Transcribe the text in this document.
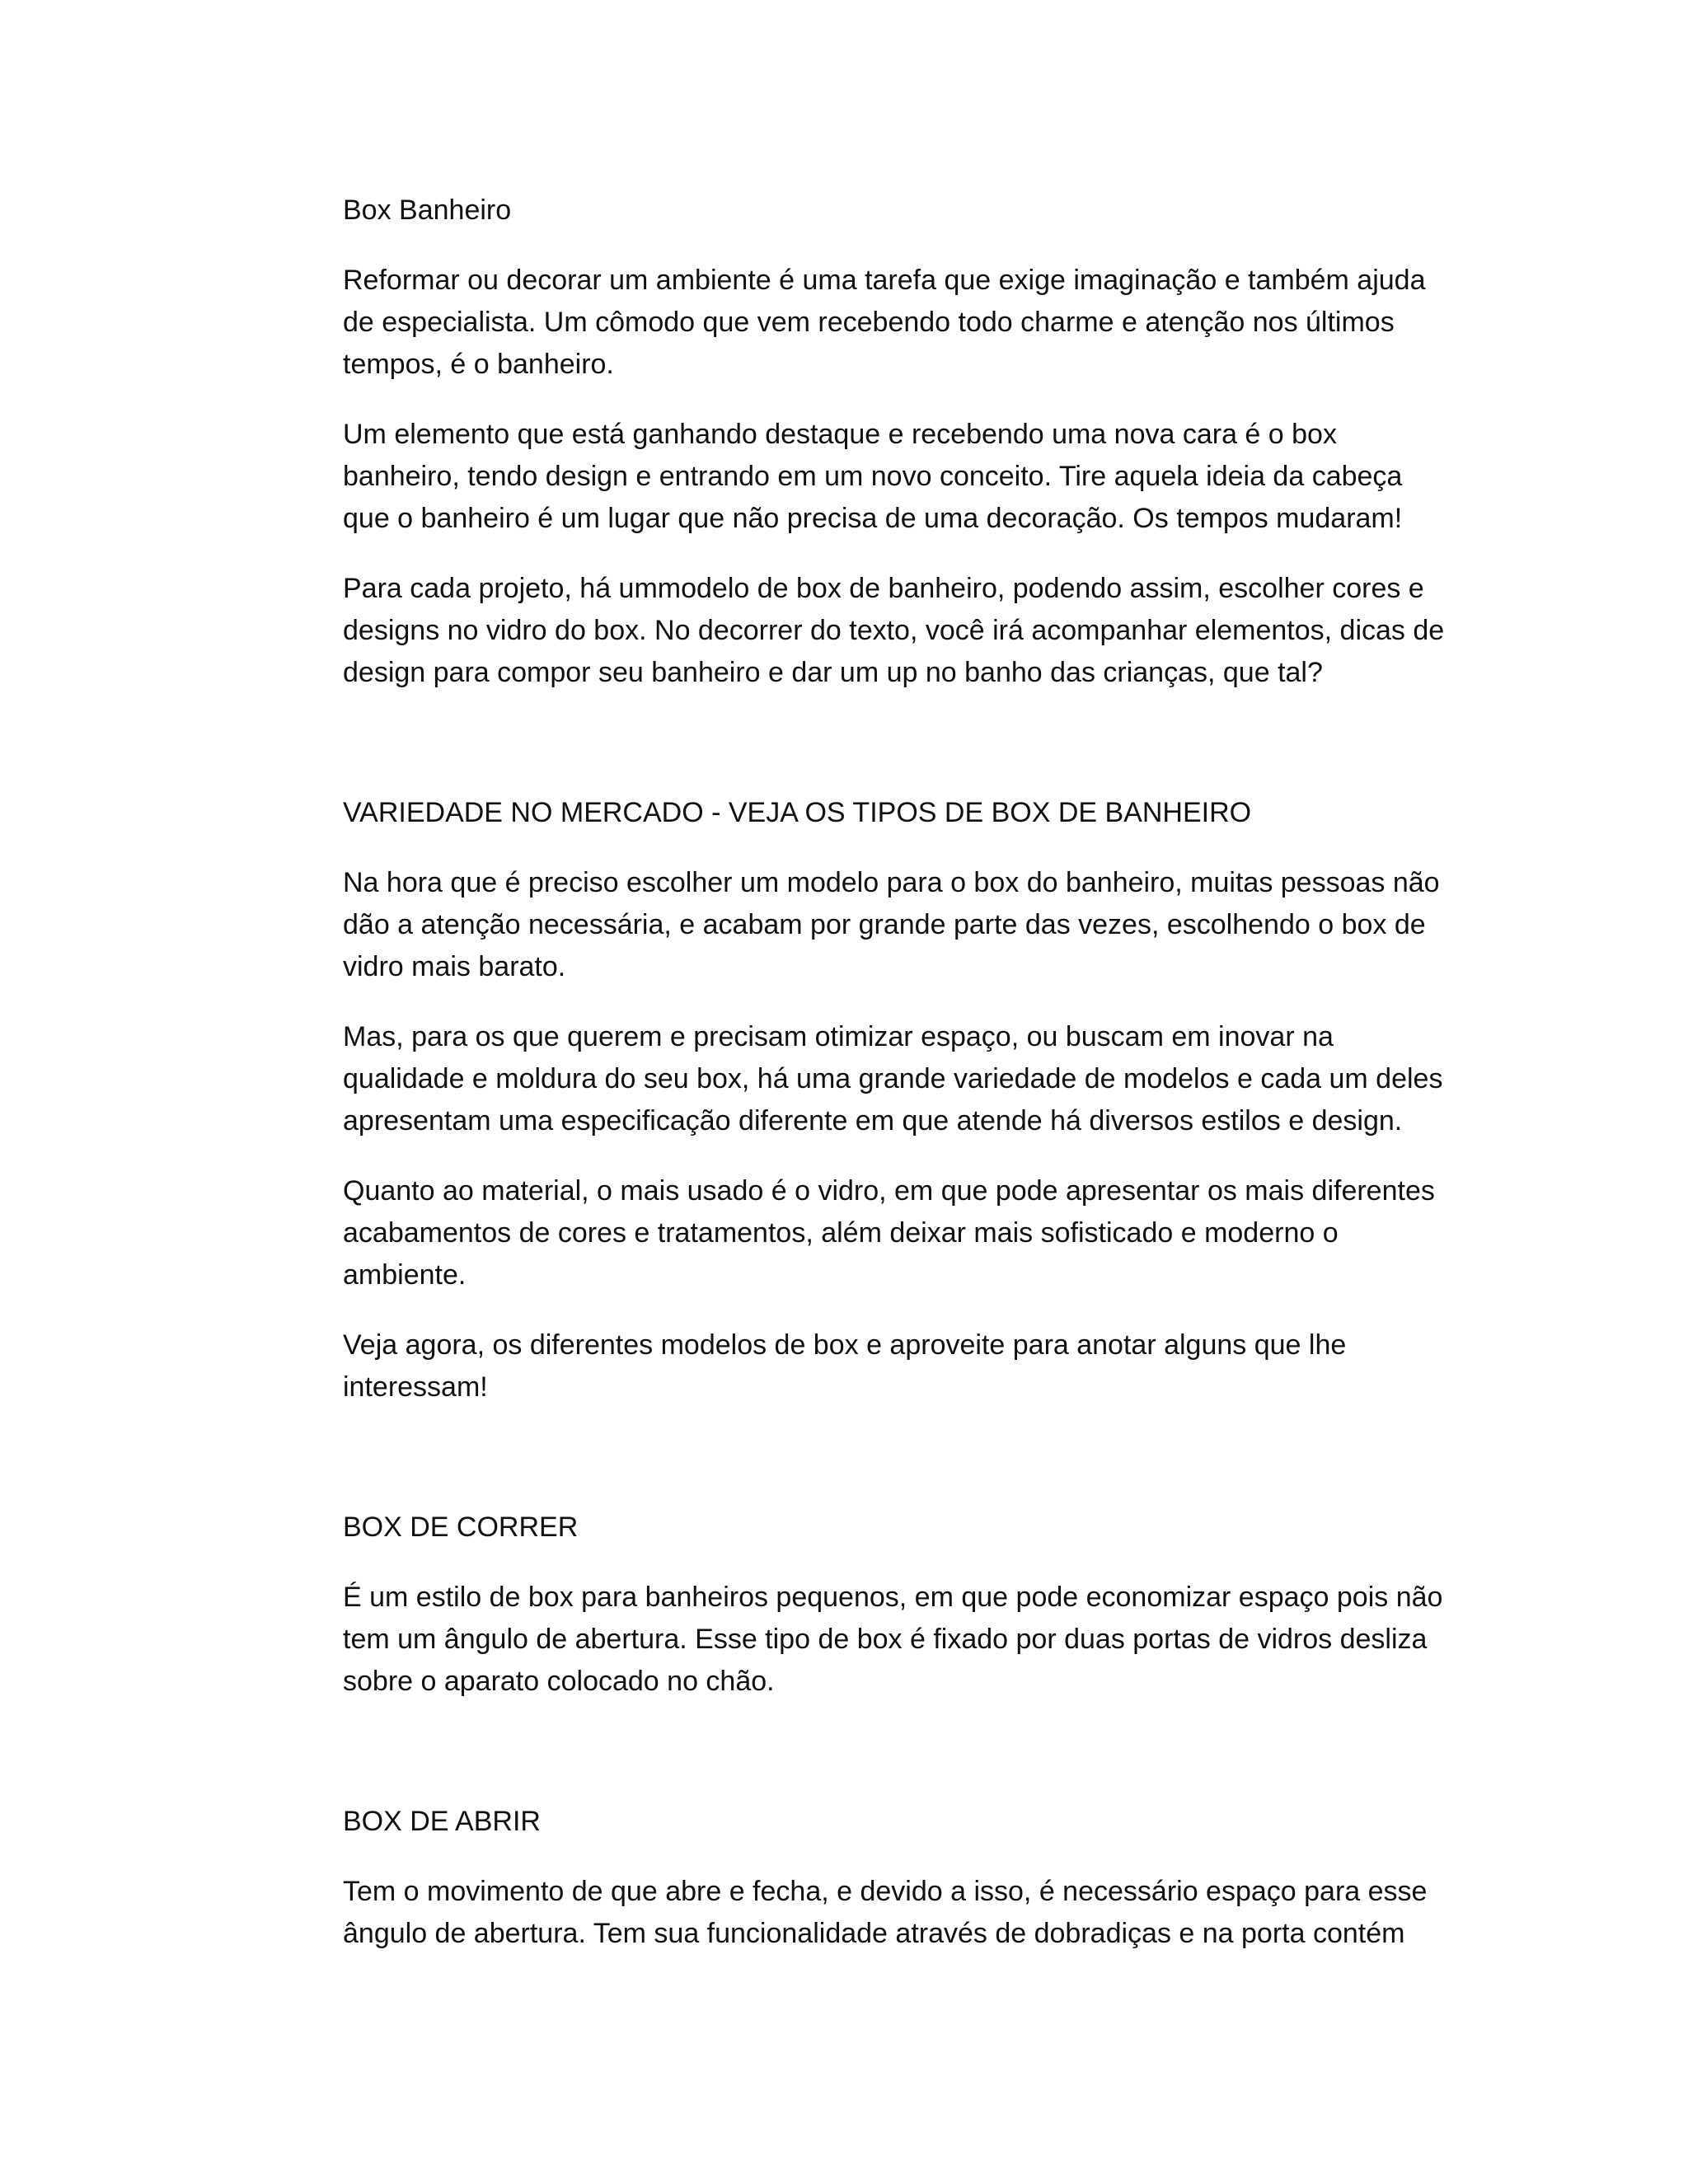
Box Banheiro

Reformar ou decorar um ambiente é uma tarefa que exige imaginação e também ajuda
de especialista. Um cômodo que vem recebendo todo charme e atenção nos últimos
tempos, é o banheiro.

Um elemento que está ganhando destaque e recebendo uma nova cara é o box
banheiro, tendo design e entrando em um novo conceito. Tire aquela ideia da cabeça
que o banheiro é um lugar que não precisa de uma decoração. Os tempos mudaram!

Para cada projeto, há ummodelo de box de banheiro, podendo assim, escolher cores e
designs no vidro do box. No decorrer do texto, você irá acompanhar elementos, dicas de
design para compor seu banheiro e dar um up no banho das crianças, que tal?

VARIEDADE NO MERCADO - VEJA OS TIPOS DE BOX DE BANHEIRO

Na hora que é preciso escolher um modelo para o box do banheiro, muitas pessoas não
dão a atenção necessária, e acabam por grande parte das vezes, escolhendo o box de
vidro mais barato.

Mas, para os que querem e precisam otimizar espaço, ou buscam em inovar na
qualidade e moldura do seu box, há uma grande variedade de modelos e cada um deles
apresentam uma especificação diferente em que atende há diversos estilos e design.

Quanto ao material, o mais usado é o vidro, em que pode apresentar os mais diferentes
acabamentos de cores e tratamentos, além deixar mais sofisticado e moderno o
ambiente.

Veja agora, os diferentes modelos de box e aproveite para anotar alguns que lhe
interessam!

BOX DE CORRER

É um estilo de box para banheiros pequenos, em que pode economizar espaço pois não
tem um ângulo de abertura. Esse tipo de box é fixado por duas portas de vidros desliza
sobre o aparato colocado no chão.

BOX DE ABRIR

Tem o movimento de que abre e fecha, e devido a isso, é necessário espaço para esse
ângulo de abertura. Tem sua funcionalidade através de dobradiças e na porta contém
